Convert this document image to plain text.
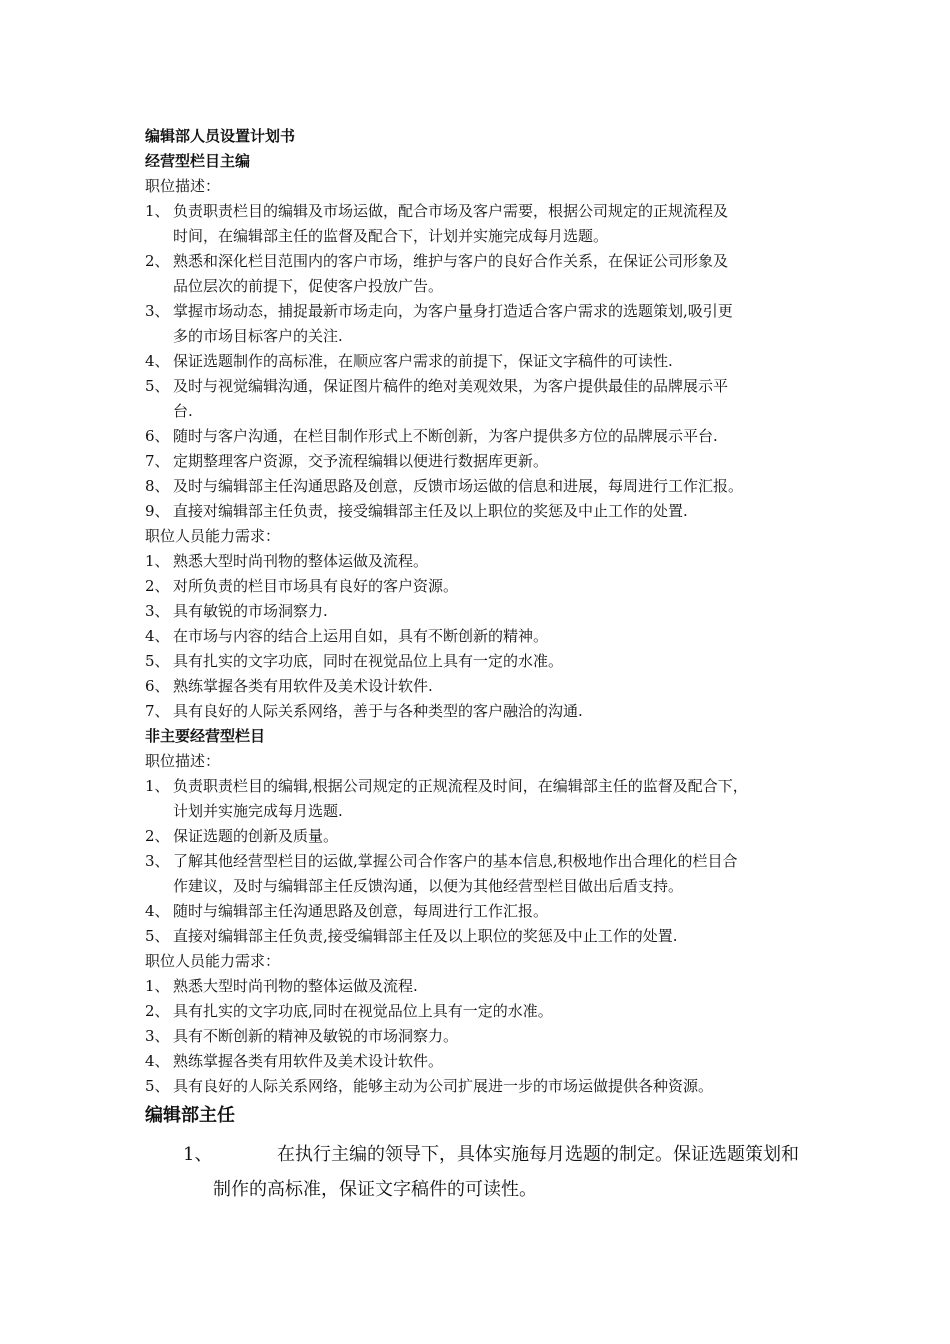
编辑部人员设置计划书
经营型栏目主编
职位描述：
1、 负责职责栏目的编辑及市场运做，配合市场及客户需要，根据公司规定的正规流程及
时间，在编辑部主任的监督及配合下，计划并实施完成每月选题。
2、 熟悉和深化栏目范围内的客户市场，维护与客户的良好合作关系，在保证公司形象及
品位层次的前提下，促使客户投放广告。
3、 掌握市场动态，捕捉最新市场走向，为客户量身打造适合客户需求的选题策划,吸引更
多的市场目标客户的关注.
4、 保证选题制作的高标准，在顺应客户需求的前提下，保证文字稿件的可读性.
5、 及时与视觉编辑沟通，保证图片稿件的绝对美观效果，为客户提供最佳的品牌展示平
台.
6、 随时与客户沟通，在栏目制作形式上不断创新，为客户提供多方位的品牌展示平台.
7、 定期整理客户资源，交予流程编辑以便进行数据库更新。
8、 及时与编辑部主任沟通思路及创意，反馈市场运做的信息和进展，每周进行工作汇报。
9、 直接对编辑部主任负责，接受编辑部主任及以上职位的奖惩及中止工作的处置.
职位人员能力需求：
1、 熟悉大型时尚刊物的整体运做及流程。
2、 对所负责的栏目市场具有良好的客户资源。
3、 具有敏锐的市场洞察力.
4、 在市场与内容的结合上运用自如，具有不断创新的精神。
5、 具有扎实的文字功底，同时在视觉品位上具有一定的水准。
6、 熟练掌握各类有用软件及美术设计软件.
7、 具有良好的人际关系网络，善于与各种类型的客户融洽的沟通.
非主要经营型栏目
职位描述：
1、 负责职责栏目的编辑,根据公司规定的正规流程及时间，在编辑部主任的监督及配合下，
计划并实施完成每月选题.
2、 保证选题的创新及质量。
3、 了解其他经营型栏目的运做,掌握公司合作客户的基本信息,积极地作出合理化的栏目合
作建议，及时与编辑部主任反馈沟通，以便为其他经营型栏目做出后盾支持。
4、 随时与编辑部主任沟通思路及创意，每周进行工作汇报。
5、 直接对编辑部主任负责,接受编辑部主任及以上职位的奖惩及中止工作的处置.
职位人员能力需求：
1、 熟悉大型时尚刊物的整体运做及流程.
2、 具有扎实的文字功底,同时在视觉品位上具有一定的水准。
3、 具有不断创新的精神及敏锐的市场洞察力。
4、 熟练掌握各类有用软件及美术设计软件。
5、 具有良好的人际关系网络，能够主动为公司扩展进一步的市场运做提供各种资源。
编辑部主任
1、	在执行主编的领导下，具体实施每月选题的制定。保证选题策划和
制作的高标准，保证文字稿件的可读性。
